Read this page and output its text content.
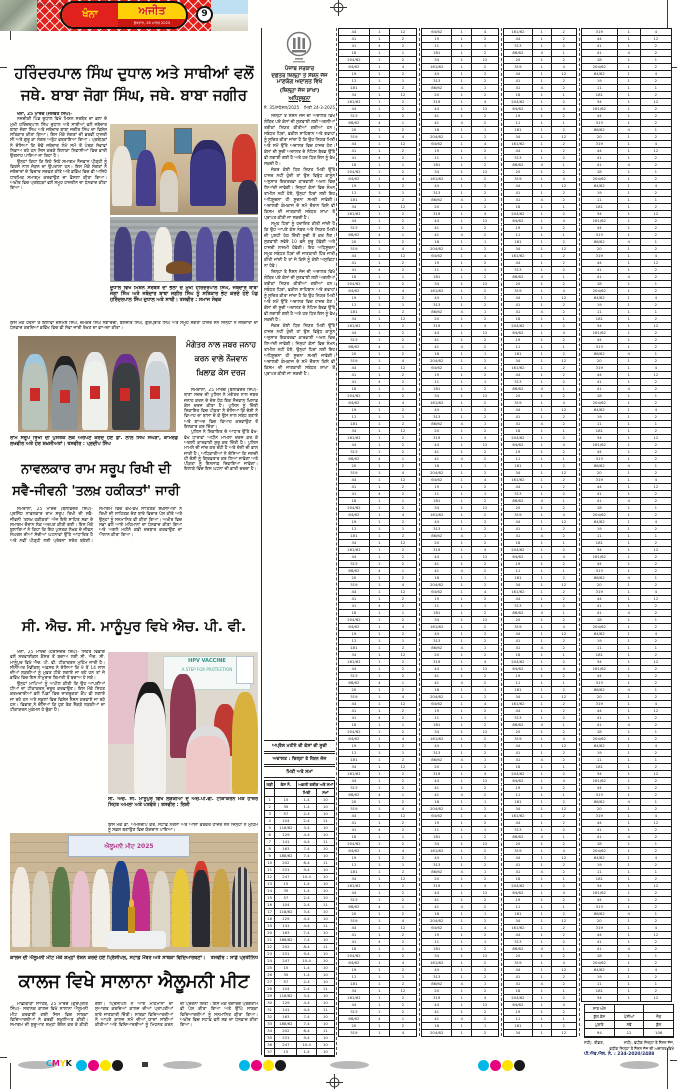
3_Web3_Khanna_3_b_1_0_1
ਖੰਨਾ	ਅਜੀਤ
ਬੁੱਧਵਾਰ, 26 ਮਾਰਚ 2025
9
ਹਰਿੰਦਰਪਾਲ ਸਿੰਘ ਦੁਧਾਲ ਅਤੇ ਸਾਥੀਆਂ ਵਲੋਂ ਜਥੇ. ਬਾਬਾ ਜੋਗਾ ਸਿੰਘ, ਜਥੇ. ਬਾਬਾ ਜਗੀਰ

ਖੰਨਾ, 25 ਮਾਰਚ (ਜਸਵੰਤ ਸਿੰਘ)-

ਨਜ਼ਦੀਕੀ ਪਿੰਡ ਦੁਧਾਲ ਵਿਖੇ ਮਿਸ਼ਨ ਸਰਬੱਤ ਦਾ ਭਲਾ ਦੇ ਮੁਖੀ ਹਰਿੰਦਰਪਾਲ ਸਿੰਘ ਦੁਧਾਲ ਅਤੇ ਸਾਥੀਆਂ ਵਲੋਂ ਜਥੇਦਾਰ ਬਾਬਾ ਜੋਗਾ ਸਿੰਘ ਅਤੇ ਜਥੇਦਾਰ ਬਾਬਾ ਜਗੀਰ ਸਿੰਘ ਦਾ ਵਿਸ਼ੇਸ਼ ਸਤਿਕਾਰ ਕੀਤਾ ਗਿਆ। ਇਸ ਮੌਕੇ ਸੰਗਤਾਂ ਦੀ ਭਰਵੀਂ ਹਾਜ਼ਰੀ ਸੀ ਅਤੇ ਗੁਰੂ ਕਾ ਲੰਗਰ ਅਤੁੱਟ ਵਰਤਾਇਆ ਗਿਆ। ਪ੍ਰਬੰਧਕਾਂ ਨੇ ਦੱਸਿਆ ਕਿ ਦੋਵੇਂ ਜਥੇਦਾਰ ਲੰਮੇ ਸਮੇਂ ਤੋਂ ਪੰਥਕ ਸੇਵਾਵਾਂ ਨਿਭਾਅ ਰਹੇ ਹਨ ਜਿਸ ਕਰਕੇ ਇਲਾਕਾ ਨਿਵਾਸੀਆਂ ਵਿਚ ਭਾਰੀ ਉਤਸ਼ਾਹ ਪਾਇਆ ਜਾ ਰਿਹਾ ਹੈ।

ਉਨ੍ਹਾਂ ਕਿਹਾ ਕਿ ਇਹੋ ਜਿਹੇ ਸਮਾਗਮ ਨੌਜਵਾਨ ਪੀੜ੍ਹੀ ਨੂੰ ਵਿਰਸੇ ਨਾਲ ਜੋੜਨ ਦਾ ਉਪਰਾਲਾ ਹਨ। ਇਸ ਮੌਕੇ ਸੰਗਤਾਂ ਨੇ ਜਥੇਦਾਰਾਂ ਦੇ ਵਿਚਾਰ ਸਰਵਣ ਕੀਤੇ ਅਤੇ ਭਵਿੱਖ ਵਿਚ ਵੀ ਅਜਿਹੇ ਧਾਰਮਿਕ ਸਮਾਗਮ ਕਰਵਾਉਣ ਦਾ ਫ਼ੈਸਲਾ ਕੀਤਾ ਗਿਆ। ਅਖ਼ੀਰ ਵਿਚ ਪ੍ਰਬੰਧਕਾਂ ਵਲੋਂ ਸਮੂਹ ਹਾਜ਼ਰੀਨ ਦਾ ਧੰਨਵਾਦ ਕੀਤਾ ਗਿਆ।

ਦੁਧਾਲ ਵਿਖੇ ਮਿਸ਼ਨ ਸਰਬੱਤ ਦਾ ਭਲਾ ਦੇ ਮੁਖੀ ਹਰਿੰਦਰਪਾਲ ਸਿੰਘ, ਜਥੇਦਾਰ ਬਾਬਾ ਜੋਗਾ ਸਿੰਘ ਅਤੇ ਜਥੇਦਾਰ ਬਾਬਾ ਜਗੀਰ ਸਿੰਘ ਨੂੰ ਸਤਿਕਾਰ ਭੇਟ ਕਰਦੇ ਹੋਏ ਪੰਡ ਹਰਿੰਦਰਪਾਲ ਸਿੰਘ ਦੁਧਾਲ ਅਤੇ ਸਾਥੀ। ਤਸਵੀਰ : ਸਮਾਜ ਸੇਵਕ
ਇਸ ਮੌਕੇ ਹੋਰਨਾਂ ਤੋਂ ਇਲਾਵਾ ਦਸਮੇਸ਼ ਸਿੰਘ, ਚਮਕੌਰ ਸਿੰਘ ਨਗਾਰਚੀ, ਬਲਜੀਤ ਸਿੰਘ, ਗੁਰਪ੍ਰੀਤ ਸਿੰਘ ਅਤੇ ਸਮੂਹ ਸੰਗਤਾਂ ਹਾਜ਼ਰ ਸਨ ਜਿਨ੍ਹਾਂ ਨੇ ਜਥੇਦਾਰਾਂ ਦਾ ਧੰਨਵਾਦ ਕਰਦਿਆਂ ਭਵਿੱਖ ਵਿਚ ਵੀ ਸੇਵਾ ਜਾਰੀ ਰੱਖਣ ਦਾ ਵਾਅਦਾ ਕੀਤਾ।
ਰਾਮ ਸਰੂਪ ਰਿਖੀ ਦੀ ਪੁਸਤਕ ਲੋਕ ਅਰਪਣ ਕਰਦੇ ਹੋਏ ਡਾ. ਲਾਲ ਸਿੰਘ ਸੰਘੇੜਾ, ਕਾਮਰੇਡ ਲਖਵੀਰ ਅਤੇ ਹੋਰ ਸ਼ਖ਼ਸੀਅਤਾਂ। ਤਸਵੀਰ : ਪ੍ਰਦੀਪ ਸਿੰਘ
ਨਾਵਲਕਾਰ ਰਾਮ ਸਰੂਪ ਰਿਖੀ ਦੀ ਸਵੈ-ਜੀਵਨੀ 'ਤਲਖ਼ ਹਕੀਕਤਾਂ' ਜਾਰੀ

ਸਮਰਾਲਾ, 25 ਮਾਰਚ (ਬਲਵਿੰਦਰ ਸਿੰਘ)- ਪ੍ਰਸਿੱਧ ਨਾਵਲਕਾਰ ਰਾਮ ਸਰੂਪ ਰਿਖੀ ਦੀ ਸਵੈ-ਜੀਵਨੀ 'ਤਲਖ਼ ਹਕੀਕਤਾਂ' ਅੱਜ ਇਥੇ ਸਾਹਿਤ ਸਭਾ ਦੇ ਸਮਾਗਮ ਦੌਰਾਨ ਲੋਕ ਅਰਪਣ ਕੀਤੀ ਗਈ। ਇਸ ਮੌਕੇ ਬੁਲਾਰਿਆਂ ਨੇ ਕਿਹਾ ਕਿ ਇਹ ਪੁਸਤਕ ਲੇਖਕ ਦੇ ਜੀਵਨ ਸੰਘਰਸ਼ ਦੀਆਂ ਸੱਚੀਆਂ ਘਟਨਾਵਾਂ ਉੱਤੇ ਆਧਾਰਿਤ ਹੈ ਅਤੇ ਨਵੀਂ ਪੀੜ੍ਹੀ ਲਈ ਪ੍ਰੇਰਨਾ ਸਰੋਤ ਬਣੇਗੀ। ਸਮਾਗਮ ਵਿਚ ਵੱਖ-ਵੱਖ ਸਾਹਿਤਕ ਸ਼ਖ਼ਸੀਅਤਾਂ ਨੇ ਰਿਖੀ ਦੀ ਸਾਹਿਤਕ ਦੇਣ ਬਾਰੇ ਵਿਚਾਰ ਪੇਸ਼ ਕੀਤੇ ਅਤੇ ਉਨ੍ਹਾਂ ਨੂੰ ਸਨਮਾਨਿਤ ਵੀ ਕੀਤਾ ਗਿਆ। ਅਖ਼ੀਰ ਵਿਚ ਸਭਾ ਵਲੋਂ ਆਏ ਮਹਿਮਾਨਾਂ ਦਾ ਧੰਨਵਾਦ ਕੀਤਾ ਗਿਆ ਅਤੇ ਅਗਲੇ ਮਹੀਨੇ ਕਵੀ ਦਰਬਾਰ ਕਰਵਾਉਣ ਦਾ ਐਲਾਨ ਕੀਤਾ ਗਿਆ।

ਮੰਗੇਤਰ ਨਾਲ ਜਬਰ ਜਨਾਹ ਕਰਨ ਵਾਲੇ ਨੌਜਵਾਨ ਖ਼ਿਲਾਫ਼ ਕੇਸ ਦਰਜ

ਸਮਰਾਲਾ, 25 ਮਾਰਚ (ਬਲਵਿੰਦਰ ਸਿੰਘ)- ਥਾਣਾ ਸਦਰ ਦੀ ਪੁਲਿਸ ਨੇ ਮੰਗੇਤਰ ਨਾਲ ਜਬਰ ਜਨਾਹ ਕਰਨ ਦੇ ਦੋਸ਼ ਹੇਠ ਇਕ ਨੌਜਵਾਨ ਖ਼ਿਲਾਫ਼ ਕੇਸ ਦਰਜ ਕੀਤਾ ਹੈ। ਪੁਲਿਸ ਨੂੰ ਦਿੱਤੀ ਸ਼ਿਕਾਇਤ ਵਿਚ ਪੀੜਤਾ ਨੇ ਦੱਸਿਆ ਕਿ ਦੋਸ਼ੀ ਨੇ ਵਿਆਹ ਦਾ ਝਾਂਸਾ ਦੇ ਕੇ ਉਸ ਨਾਲ ਸਬੰਧ ਬਣਾਏ ਅਤੇ ਬਾਅਦ ਵਿਚ ਵਿਆਹ ਕਰਵਾਉਣ ਤੋਂ ਇਨਕਾਰ ਕਰ ਦਿੱਤਾ।

ਪੁਲਿਸ ਨੇ ਸ਼ਿਕਾਇਤ ਦੇ ਆਧਾਰ ਉੱਤੇ ਵੱਖ-ਵੱਖ ਧਾਰਾਵਾਂ ਅਧੀਨ ਮਾਮਲਾ ਦਰਜ ਕਰ ਕੇ ਅਗਲੀ ਕਾਰਵਾਈ ਸ਼ੁਰੂ ਕਰ ਦਿੱਤੀ ਹੈ। ਪੁਲਿਸ ਮਾਮਲੇ ਦੀ ਜਾਂਚ ਕਰ ਰਹੀ ਹੈ ਅਤੇ ਦੋਸ਼ੀ ਦੀ ਭਾਲ ਜਾਰੀ ਹੈ। ਅਧਿਕਾਰੀਆਂ ਨੇ ਦੱਸਿਆ ਕਿ ਜਲਦੀ ਹੀ ਦੋਸ਼ੀ ਨੂੰ ਗ੍ਰਿਫ਼ਤਾਰ ਕਰ ਲਿਆ ਜਾਵੇਗਾ ਅਤੇ ਪੀੜਤਾ ਨੂੰ ਇਨਸਾਫ਼ ਦਿਵਾਇਆ ਜਾਵੇਗਾ। ਇਲਾਕੇ ਵਿਚ ਇਸ ਘਟਨਾ ਦੀ ਭਾਰੀ ਚਰਚਾ ਹੈ।

ਸੀ. ਐਚ. ਸੀ. ਮਾਨੂੰਪੁਰ ਵਿਖੇ ਐਚ. ਪੀ. ਵੀ.

ਖੰਨਾ, 25 ਮਾਰਚ (ਹਰਜਿੰਦਰ ਸਿੰਘ)- ਸਿਹਤ ਵਿਭਾਗ ਵਲੋਂ ਸਰਵਾਈਕਲ ਕੈਂਸਰ ਤੋਂ ਬਚਾਅ ਲਈ ਸੀ. ਐਚ. ਸੀ. ਮਾਨੂੰਪੁਰ ਵਿਖੇ ਐਚ. ਪੀ. ਵੀ. ਟੀਕਾਕਰਨ ਮੁਹਿੰਮ ਜਾਰੀ ਹੈ। ਸੀਨੀਅਰ ਮੈਡੀਕਲ ਅਫ਼ਸਰ ਨੇ ਦੱਸਿਆ ਕਿ 9 ਤੋਂ 14 ਸਾਲ ਦੀਆਂ ਲੜਕੀਆਂ ਨੂੰ ਮੁਫ਼ਤ ਟੀਕੇ ਲਗਾਏ ਜਾ ਰਹੇ ਹਨ ਤਾਂ ਜੋ ਭਵਿੱਖ ਵਿਚ ਇਸ ਨਾਮੁਰਾਦ ਬਿਮਾਰੀ ਤੋਂ ਬਚਾਅ ਹੋ ਸਕੇ।

ਉਨ੍ਹਾਂ ਮਾਪਿਆਂ ਨੂੰ ਅਪੀਲ ਕੀਤੀ ਕਿ ਉਹ ਆਪਣੀਆਂ ਧੀਆਂ ਦਾ ਟੀਕਾਕਰਨ ਜ਼ਰੂਰ ਕਰਵਾਉਣ। ਇਸ ਮੌਕੇ ਸਿਹਤ ਕਰਮਚਾਰੀਆਂ ਵਲੋਂ ਪਿੰਡਾਂ ਵਿਚ ਜਾਗਰੂਕਤਾ ਕੈਂਪ ਵੀ ਲਗਾਏ ਜਾ ਰਹੇ ਹਨ ਅਤੇ ਸਕੂਲਾਂ ਵਿਚ ਵਿਸ਼ੇਸ਼ ਸੈਸ਼ਨ ਕਰਵਾਏ ਜਾ ਰਹੇ ਹਨ। ਵਿਭਾਗ ਨੇ ਦੱਸਿਆ ਕਿ ਹੁਣ ਤੱਕ ਸੈਂਕੜੇ ਲੜਕੀਆਂ ਦਾ ਟੀਕਾਕਰਨ ਮੁਕੰਮਲ ਹੋ ਚੁੱਕਾ ਹੈ।

HPV VACCINE
A STEP FOR PROTECTION
ਸੀ. ਐਚ. ਸੀ. ਮਾਨੂੰਪੁਰ ਵਿਖੇ ਲੜਕੀਆਂ ਦੇ ਐਚ.ਪੀ.ਵੀ. ਟੀਕਾਕਰਨ ਮੌਕੇ ਹਾਜ਼ਰ ਸਿਹਤ ਅਮਲਾ ਅਤੇ ਪਤਵੰਤੇ। ਤਸਵੀਰ : ਰਿਸ਼ੀ
ਇਸ ਮੌਕੇ ਡਾ. ਅਮਨਦੀਪ ਕੌਰ, ਸਟਾਫ਼ ਨਰਸਾਂ ਅਤੇ ਆਸ਼ਾ ਵਰਕਰ ਹਾਜ਼ਰ ਸਨ ਜਿਨ੍ਹਾਂ ਨੇ ਮੁਹਿੰਮ ਨੂੰ ਸਫ਼ਲ ਬਣਾਉਣ ਵਿਚ ਯੋਗਦਾਨ ਪਾਇਆ।
ਐਲੂਮਨੀ ਮੀਟ 2025
ਕਾਲਜ ਦੀ ਐਲੂਮਨੀ ਮੀਟ ਮੌਕੇ ਸ਼ਮ੍ਹਾਂ ਰੌਸ਼ਨ ਕਰਦੇ ਹੋਏ ਪ੍ਰਿੰਸੀਪਲ, ਸਟਾਫ਼ ਮੈਂਬਰ ਅਤੇ ਸਾਬਕਾ ਵਿਦਿਆਰਥਣਾਂ। ਤਸਵੀਰ : ਸਾਡੇ ਪ੍ਰਤੀਨਿਧ
ਕਾਲਜ ਵਿਖੇ ਸਾਲਾਨਾ ਐਲੂਮਨੀ ਮੀਟ

ਮਾਛੀਵਾੜਾ ਸਾਹਿਬ, 25 ਮਾਰਚ (ਗੁਰਪ੍ਰੀਤ ਸਿੰਘ)- ਸਥਾਨਕ ਕਾਲਜ ਵਿਖੇ ਸਾਲਾਨਾ ਐਲੂਮਨੀ ਮੀਟ ਕਰਵਾਈ ਗਈ ਜਿਸ ਵਿਚ ਸਾਬਕਾ ਵਿਦਿਆਰਥੀਆਂ ਨੇ ਭਰਵੀਂ ਸ਼ਮੂਲੀਅਤ ਕੀਤੀ। ਸਮਾਗਮ ਦੀ ਸ਼ੁਰੂਆਤ ਸ਼ਮ੍ਹਾਂ ਰੌਸ਼ਨ ਕਰ ਕੇ ਕੀਤੀ ਗਈ। ਪ੍ਰਿੰਸੀਪਲ ਨੇ ਆਏ ਮਹਿਮਾਨਾਂ ਦਾ ਸੁਆਗਤ ਕਰਦਿਆਂ ਕਾਲਜ ਦੀਆਂ ਪ੍ਰਾਪਤੀਆਂ ਬਾਰੇ ਜਾਣਕਾਰੀ ਦਿੱਤੀ। ਸਾਬਕਾ ਵਿਦਿਆਰਥੀਆਂ ਨੇ ਆਪਣੇ ਕਾਲਜ ਸਮੇਂ ਦੀਆਂ ਯਾਦਾਂ ਸਾਂਝੀਆਂ ਕੀਤੀਆਂ ਅਤੇ ਵਿਦਿਆਰਥੀਆਂ ਨੂੰ ਮਿਹਨਤ ਕਰਨ ਦੀ ਪ੍ਰੇਰਨਾ ਦਿੱਤੀ। ਇਸ ਮੌਕੇ ਰੰਗਾਰੰਗ ਪ੍ਰੋਗਰਾਮ ਵੀ ਪੇਸ਼ ਕੀਤਾ ਗਿਆ ਅਤੇ ਉੱਘੇ ਸਾਬਕਾ ਵਿਦਿਆਰਥੀਆਂ ਨੂੰ ਸਨਮਾਨਿਤ ਕੀਤਾ ਗਿਆ। ਅਖ਼ੀਰ ਵਿਚ ਸਟਾਫ਼ ਵਲੋਂ ਸਭ ਦਾ ਧੰਨਵਾਦ ਕੀਤਾ ਗਿਆ।

ਪੰਜਾਬ ਸਰਕਾਰ
ਦਫ਼ਤਰ ਜ਼ਿਲ੍ਹਾ ਤੇ ਸੈਸ਼ਨ ਜੱਜ ਮਾਣਯੋਗ ਅਦਾਲਤ ਵਿਖੇ
(ਜ਼ਿਲ੍ਹਾ ਜੱਜ ਸ਼ਾਖਾ)
ਅਧਿਸੂਚਨਾ
ਨੰ. 35/ਸਪੈਸ਼ਲ/2025 ਮਿਤੀ 24-3-2025

ਜ਼ਿਲ੍ਹਾ ਤੇ ਸੈਸ਼ਨ ਜੱਜ ਦੀ ਅਦਾਲਤ ਵਿਖੇ ਲੰਬਿਤ ਪਏ ਕੇਸਾਂ ਦੀ ਸੁਣਵਾਈ ਲਈ ਅਗਲੀਆਂ ਤਰੀਕਾਂ ਨਿਯਤ ਕੀਤੀਆਂ ਗਈਆਂ ਹਨ। ਸਬੰਧਤ ਧਿਰਾਂ, ਵਕੀਲ ਸਾਹਿਬਾਨ ਅਤੇ ਗਵਾਹਾਂ ਨੂੰ ਸੂਚਿਤ ਕੀਤਾ ਜਾਂਦਾ ਹੈ ਕਿ ਉਹ ਨਿਯਤ ਮਿਤੀ ਅਤੇ ਸਮੇਂ ਉੱਤੇ ਅਦਾਲਤ ਵਿਚ ਹਾਜ਼ਰ ਹੋਣ। ਕੇਸਾਂ ਦੀ ਸੂਚੀ ਅਦਾਲਤ ਦੇ ਨੋਟਿਸ ਬੋਰਡ ਉੱਤੇ ਵੀ ਲਗਾਈ ਗਈ ਹੈ ਅਤੇ ਹਰ ਧਿਰ ਇਸ ਨੂੰ ਵੇਖ ਸਕਦੀ ਹੈ।

ਜੇਕਰ ਕੋਈ ਧਿਰ ਨਿਯਤ ਮਿਤੀ ਉੱਤੇ ਹਾਜ਼ਰ ਨਹੀਂ ਹੁੰਦੀ ਤਾਂ ਉਸ ਵਿਰੁੱਧ ਕਾਨੂੰਨ ਅਨੁਸਾਰ ਇਕਤਰਫ਼ਾ ਕਾਰਵਾਈ ਅਮਲ ਵਿਚ ਲਿਆਂਦੀ ਜਾਵੇਗੀ। ਜਿਨ੍ਹਾਂ ਕੇਸਾਂ ਵਿਚ ਸੰਮਨ ਤਾਮੀਲ ਨਹੀਂ ਹੋਏ, ਉਨ੍ਹਾਂ ਧਿਰਾਂ ਲਈ ਇਹ ਅਧਿਸੂਚਨਾ ਹੀ ਸੂਚਨਾ ਸਮਝੀ ਜਾਵੇਗੀ। ਅਦਾਲਤੀ ਕੰਮਕਾਜ ਦੇ ਸਮੇਂ ਦੌਰਾਨ ਕਿਸੇ ਵੀ ਕਿਸਮ ਦੀ ਜਾਣਕਾਰੀ ਸਬੰਧਤ ਸ਼ਾਖਾ ਤੋਂ ਪ੍ਰਾਪਤ ਕੀਤੀ ਜਾ ਸਕਦੀ ਹੈ।

ਸਮੂਹ ਧਿਰਾਂ ਨੂੰ ਹਦਾਇਤ ਕੀਤੀ ਜਾਂਦੀ ਹੈ ਕਿ ਉਹ ਆਪਣੇ ਕੇਸ ਨੰਬਰ ਅਤੇ ਨਿਯਤ ਮਿਤੀ ਦੀ ਪੁਸ਼ਟੀ ਹੇਠ ਦਿੱਤੀ ਸੂਚੀ ਤੋਂ ਕਰ ਲੈਣ। ਸੁਣਵਾਈ ਸਵੇਰੇ 10 ਵਜੇ ਸ਼ੁਰੂ ਹੋਵੇਗੀ ਅਤੇ ਹਾਜ਼ਰੀ ਲਾਜ਼ਮੀ ਹੋਵੇਗੀ। ਇਹ ਅਧਿਸੂਚਨਾ ਸਮੂਹ ਸਬੰਧਤ ਧਿਰਾਂ ਦੀ ਜਾਣਕਾਰੀ ਹਿੱਤ ਜਾਰੀ ਕੀਤੀ ਜਾਂਦੀ ਹੈ ਤਾਂ ਜੋ ਕਿਸੇ ਨੂੰ ਕੋਈ ਅਸੁਵਿਧਾ ਨਾ ਹੋਵੇ।

ਜ਼ਿਲ੍ਹਾ ਤੇ ਸੈਸ਼ਨ ਜੱਜ ਦੀ ਅਦਾਲਤ ਵਿਖੇ ਲੰਬਿਤ ਪਏ ਕੇਸਾਂ ਦੀ ਸੁਣਵਾਈ ਲਈ ਅਗਲੀਆਂ ਤਰੀਕਾਂ ਨਿਯਤ ਕੀਤੀਆਂ ਗਈਆਂ ਹਨ। ਸਬੰਧਤ ਧਿਰਾਂ, ਵਕੀਲ ਸਾਹਿਬਾਨ ਅਤੇ ਗਵਾਹਾਂ ਨੂੰ ਸੂਚਿਤ ਕੀਤਾ ਜਾਂਦਾ ਹੈ ਕਿ ਉਹ ਨਿਯਤ ਮਿਤੀ ਅਤੇ ਸਮੇਂ ਉੱਤੇ ਅਦਾਲਤ ਵਿਚ ਹਾਜ਼ਰ ਹੋਣ। ਕੇਸਾਂ ਦੀ ਸੂਚੀ ਅਦਾਲਤ ਦੇ ਨੋਟਿਸ ਬੋਰਡ ਉੱਤੇ ਵੀ ਲਗਾਈ ਗਈ ਹੈ ਅਤੇ ਹਰ ਧਿਰ ਇਸ ਨੂੰ ਵੇਖ ਸਕਦੀ ਹੈ।

ਜੇਕਰ ਕੋਈ ਧਿਰ ਨਿਯਤ ਮਿਤੀ ਉੱਤੇ ਹਾਜ਼ਰ ਨਹੀਂ ਹੁੰਦੀ ਤਾਂ ਉਸ ਵਿਰੁੱਧ ਕਾਨੂੰਨ ਅਨੁਸਾਰ ਇਕਤਰਫ਼ਾ ਕਾਰਵਾਈ ਅਮਲ ਵਿਚ ਲਿਆਂਦੀ ਜਾਵੇਗੀ। ਜਿਨ੍ਹਾਂ ਕੇਸਾਂ ਵਿਚ ਸੰਮਨ ਤਾਮੀਲ ਨਹੀਂ ਹੋਏ, ਉਨ੍ਹਾਂ ਧਿਰਾਂ ਲਈ ਇਹ ਅਧਿਸੂਚਨਾ ਹੀ ਸੂਚਨਾ ਸਮਝੀ ਜਾਵੇਗੀ। ਅਦਾਲਤੀ ਕੰਮਕਾਜ ਦੇ ਸਮੇਂ ਦੌਰਾਨ ਕਿਸੇ ਵੀ ਕਿਸਮ ਦੀ ਜਾਣਕਾਰੀ ਸਬੰਧਤ ਸ਼ਾਖਾ ਤੋਂ ਪ੍ਰਾਪਤ ਕੀਤੀ ਜਾ ਸਕਦੀ ਹੈ।

ਅਪ੍ਰੈਲ ਮਹੀਨੇ ਦੀ ਕੇਸਾਂ ਦੀ ਸੂਚੀ
ਅਦਾਲਤ : ਜ਼ਿਲ੍ਹਾ ਤੇ ਸੈਸ਼ਨ ਜੱਜ
ਮਿਤੀ ਅਤੇ ਸਮਾਂ
ਲੜੀ	ਕੇਸ ਨੰ.	ਅਗਲੀ ਤਰੀਕ ਅਤੇ ਸਮਾਂ
ਮਿਤੀ	ਸਮਾਂ
1	15	1-4	10
2	35	1-4	10
3	57	2-4	10
4	104	2-4	11
5	118/62	3-4	10
6	129	4-4	10
7	141	4-4	11
8	163	7-4	10
9	188/62	7-4	10
10	202	8-4	11
11	231	9-4	10
12	247	10-4	10
13	15	1-4	10
14	35	1-4	10
15	57	2-4	10
16	104	2-4	11
17	118/62	3-4	10
18	129	4-4	10
19	141	4-4	11
20	163	7-4	10
21	188/62	7-4	10
22	202	8-4	11
23	231	9-4	10
24	247	10-4	10
25	15	1-4	10
26	35	1-4	10
27	57	2-4	10
28	104	2-4	11
29	118/62	3-4	10
30	129	4-4	10
31	141	4-4	11
32	163	7-4	10
33	188/62	7-4	10
34	202	8-4	11
35	231	9-4	10
36	247	10-4	10
37	15	1-4	10
44	1	12
41	1	2
41	4	2
18	1	1
204/62	1	2
64/62	1	4
19	1	2
11	1	1
181	1	2
34	1	12
161/62	1	2
44	1	2
313	1	2
86/62	4	1
20	1	2
319	1	4
44	1	12
41	1	2
41	4	2
18	1	1
204/62	1	2
64/62	1	4
19	1	2
11	1	1
181	1	2
34	1	12
161/62	1	2
44	1	2
313	1	2
86/62	4	1
20	1	2
319	1	4
44	1	12
41	1	2
41	4	2
18	1	1
204/62	1	2
64/62	1	4
19	1	2
11	1	1
181	1	2
34	1	12
161/62	1	2
44	1	2
313	1	2
86/62	4	1
20	1	2
319	1	4
44	1	12
41	1	2
41	4	2
18	1	1
204/62	1	2
64/62	1	4
19	1	2
11	1	1
181	1	2
34	1	12
161/62	1	2
44	1	2
313	1	2
86/62	4	1
20	1	2
319	1	4
44	1	12
41	1	2
41	4	2
18	1	1
204/62	1	2
64/62	1	4
19	1	2
11	1	1
181	1	2
34	1	12
161/62	1	2
44	1	2
313	1	2
86/62	4	1
20	1	2
319	1	4
44	1	12
41	1	2
41	4	2
18	1	1
204/62	1	2
64/62	1	4
19	1	2
11	1	1
181	1	2
34	1	12
161/62	1	2
44	1	2
313	1	2
86/62	4	1
20	1	2
319	1	4
44	1	12
41	1	2
41	4	2
18	1	1
204/62	1	2
64/62	1	4
19	1	2
11	1	1
181	1	2
34	1	12
161/62	1	2
44	1	2
313	1	2
86/62	4	1
20	1	2
319	1	4
44	1	12
41	1	2
41	4	2
18	1	1
204/62	1	2
64/62	1	4
19	1	2
11	1	1
181	1	2
34	1	12
161/62	1	2
44	1	2
313	1	2
86/62	4	1
20	1	2
319	1	4
44	1	12
41	1	2
41	4	2
18	1	1
204/62	1	2
64/62	1	4
19	1	2
11	1	1
181	1	2
34	1	12
161/62	1	2
44	1	2
313	1	2
86/62	4	1
20	1	2
319	1	4
64/62	1	4
19	1	2
11	1	1
181	1	2
34	1	12
161/62	1	2
44	1	2
313	1	2
86/62	4	1
20	1	2
319	1	4
44	1	12
41	1	2
41	4	2
18	1	1
204/62	1	2
64/62	1	4
19	1	2
11	1	1
181	1	2
34	1	12
161/62	1	2
44	1	2
313	1	2
86/62	4	1
20	1	2
319	1	4
44	1	12
41	1	2
41	4	2
18	1	1
204/62	1	2
64/62	1	4
19	1	2
11	1	1
181	1	2
34	1	12
161/62	1	2
44	1	2
313	1	2
86/62	4	1
20	1	2
319	1	4
44	1	12
41	1	2
41	4	2
18	1	1
204/62	1	2
64/62	1	4
19	1	2
11	1	1
181	1	2
34	1	12
161/62	1	2
44	1	2
313	1	2
86/62	4	1
20	1	2
319	1	4
44	1	12
41	1	2
41	4	2
18	1	1
204/62	1	2
64/62	1	4
19	1	2
11	1	1
181	1	2
34	1	12
161/62	1	2
44	1	2
313	1	2
86/62	4	1
20	1	2
319	1	4
44	1	12
41	1	2
41	4	2
18	1	1
204/62	1	2
64/62	1	4
19	1	2
11	1	1
181	1	2
34	1	12
161/62	1	2
44	1	2
313	1	2
86/62	4	1
20	1	2
319	1	4
44	1	12
41	1	2
41	4	2
18	1	1
204/62	1	2
64/62	1	4
19	1	2
11	1	1
181	1	2
34	1	12
161/62	1	2
44	1	2
313	1	2
86/62	4	1
20	1	2
319	1	4
44	1	12
41	1	2
41	4	2
18	1	1
204/62	1	2
64/62	1	4
19	1	2
11	1	1
181	1	2
34	1	12
161/62	1	2
44	1	2
313	1	2
86/62	4	1
20	1	2
319	1	4
44	1	12
41	1	2
41	4	2
18	1	1
204/62	1	2
64/62	1	4
19	1	2
11	1	1
181	1	2
34	1	12
161/62	1	2
44	1	2
313	1	2
86/62	4	1
20	1	2
319	1	4
44	1	12
41	1	2
41	4	2
18	1	1
204/62	1	2
161/62	1	2
44	1	2
313	1	2
86/62	4	1
20	1	2
319	1	4
44	1	12
41	1	2
41	4	2
18	1	1
204/62	1	2
64/62	1	4
19	1	2
11	1	1
181	1	2
34	1	12
161/62	1	2
44	1	2
313	1	2
86/62	4	1
20	1	2
319	1	4
44	1	12
41	1	2
41	4	2
18	1	1
204/62	1	2
64/62	1	4
19	1	2
11	1	1
181	1	2
34	1	12
161/62	1	2
44	1	2
313	1	2
86/62	4	1
20	1	2
319	1	4
44	1	12
41	1	2
41	4	2
18	1	1
204/62	1	2
64/62	1	4
19	1	2
11	1	1
181	1	2
34	1	12
161/62	1	2
44	1	2
313	1	2
86/62	4	1
20	1	2
319	1	4
44	1	12
41	1	2
41	4	2
18	1	1
204/62	1	2
64/62	1	4
19	1	2
11	1	1
181	1	2
34	1	12
161/62	1	2
44	1	2
313	1	2
86/62	4	1
20	1	2
319	1	4
44	1	12
41	1	2
41	4	2
18	1	1
204/62	1	2
64/62	1	4
19	1	2
11	1	1
181	1	2
34	1	12
161/62	1	2
44	1	2
313	1	2
86/62	4	1
20	1	2
319	1	4
44	1	12
41	1	2
41	4	2
18	1	1
204/62	1	2
64/62	1	4
19	1	2
11	1	1
181	1	2
34	1	12
161/62	1	2
44	1	2
313	1	2
86/62	4	1
20	1	2
319	1	4
44	1	12
41	1	2
41	4	2
18	1	1
204/62	1	2
64/62	1	4
19	1	2
11	1	1
181	1	2
34	1	12
161/62	1	2
44	1	2
313	1	2
86/62	4	1
20	1	2
319	1	4
44	1	12
41	1	2
41	4	2
18	1	1
204/62	1	2
64/62	1	4
19	1	2
11	1	1
181	1	2
34	1	12
161/62	1	2
44	1	2
313	1	2
86/62	4	1
20	1	2
319	1	4
44	1	12
41	1	2
41	4	2
18	1	1
204/62	1	2
64/62	1	4
19	1	2
11	1	1
181	1	2
34	1	12
319	1	4
44	1	12
41	1	2
41	4	2
18	1	1
204/62	1	2
64/62	1	4
19	1	2
11	1	1
181	1	2
34	1	12
161/62	1	2
44	1	2
313	1	2
86/62	4	1
20	1	2
319	1	4
44	1	12
41	1	2
41	4	2
18	1	1
204/62	1	2
64/62	1	4
19	1	2
11	1	1
181	1	2
34	1	12
161/62	1	2
44	1	2
313	1	2
86/62	4	1
20	1	2
319	1	4
44	1	12
41	1	2
41	4	2
18	1	1
204/62	1	2
64/62	1	4
19	1	2
11	1	1
181	1	2
34	1	12
161/62	1	2
44	1	2
313	1	2
86/62	4	1
20	1	2
319	1	4
44	1	12
41	1	2
41	4	2
18	1	1
204/62	1	2
64/62	1	4
19	1	2
11	1	1
181	1	2
34	1	12
161/62	1	2
44	1	2
313	1	2
86/62	4	1
20	1	2
319	1	4
44	1	12
41	1	2
41	4	2
18	1	1
204/62	1	2
64/62	1	4
19	1	2
11	1	1
181	1	2
34	1	12
161/62	1	2
44	1	2
313	1	2
86/62	4	1
20	1	2
319	1	4
44	1	12
41	1	2
41	4	2
18	1	1
204/62	1	2
64/62	1	4
19	1	2
11	1	1
181	1	2
34	1	12
161/62	1	2
44	1	2
313	1	2
86/62	4	1
20	1	2
319	1	4
44	1	12
41	1	2
41	4	2
18	1	1
204/62	1	2
64/62	1	4
19	1	2
11	1	1
181	1	2
34	1	12
161/62	1	2
44	1	2
313	1	2
86/62	4	1
20	1	2
319	1	4
44	1	12
41	1	2
41	4	2
18	1	1
204/62	1	2
64/62	1	4
19	1	2
11	1	1
181	1	2
34	1	12
161/62	1	2
44	1	2
313	1	2
86/62	4	1
20	1	2
319	1	4
44	1	12
41	1	2
41	4	2
18	1	1
204/62	1	2
64/62	1	4
19	1	2
11	1	1
181	1	2
34	1	12
ਸਾਰ ਅੰਸ਼
ਕੁੱਲ ਕੇਸ	ਪੇਸ਼ੀਆਂ	ਜੋੜ
ਪੁਰਾਣੇ	ਨਵੇਂ	ਕੁੱਲ
94	12	106
ਸਹੀ/- ਰੀਡਰ,	ਸਹੀ/- ਵਧੀਕ ਜ਼ਿਲ੍ਹਾ ਤੇ ਸੈਸ਼ਨ ਜੱਜ,
ਵਧੀਕ ਜ਼ਿਲ੍ਹਾ ਤੇ ਸੈਸ਼ਨ ਜੱਜ ਦੀ ਅਦਾਲਤ ਵਿਖੇ
ਪੀ.ਐਫ.ਐਲ. ਨੰ. : 234-2020/2488
CMYK
